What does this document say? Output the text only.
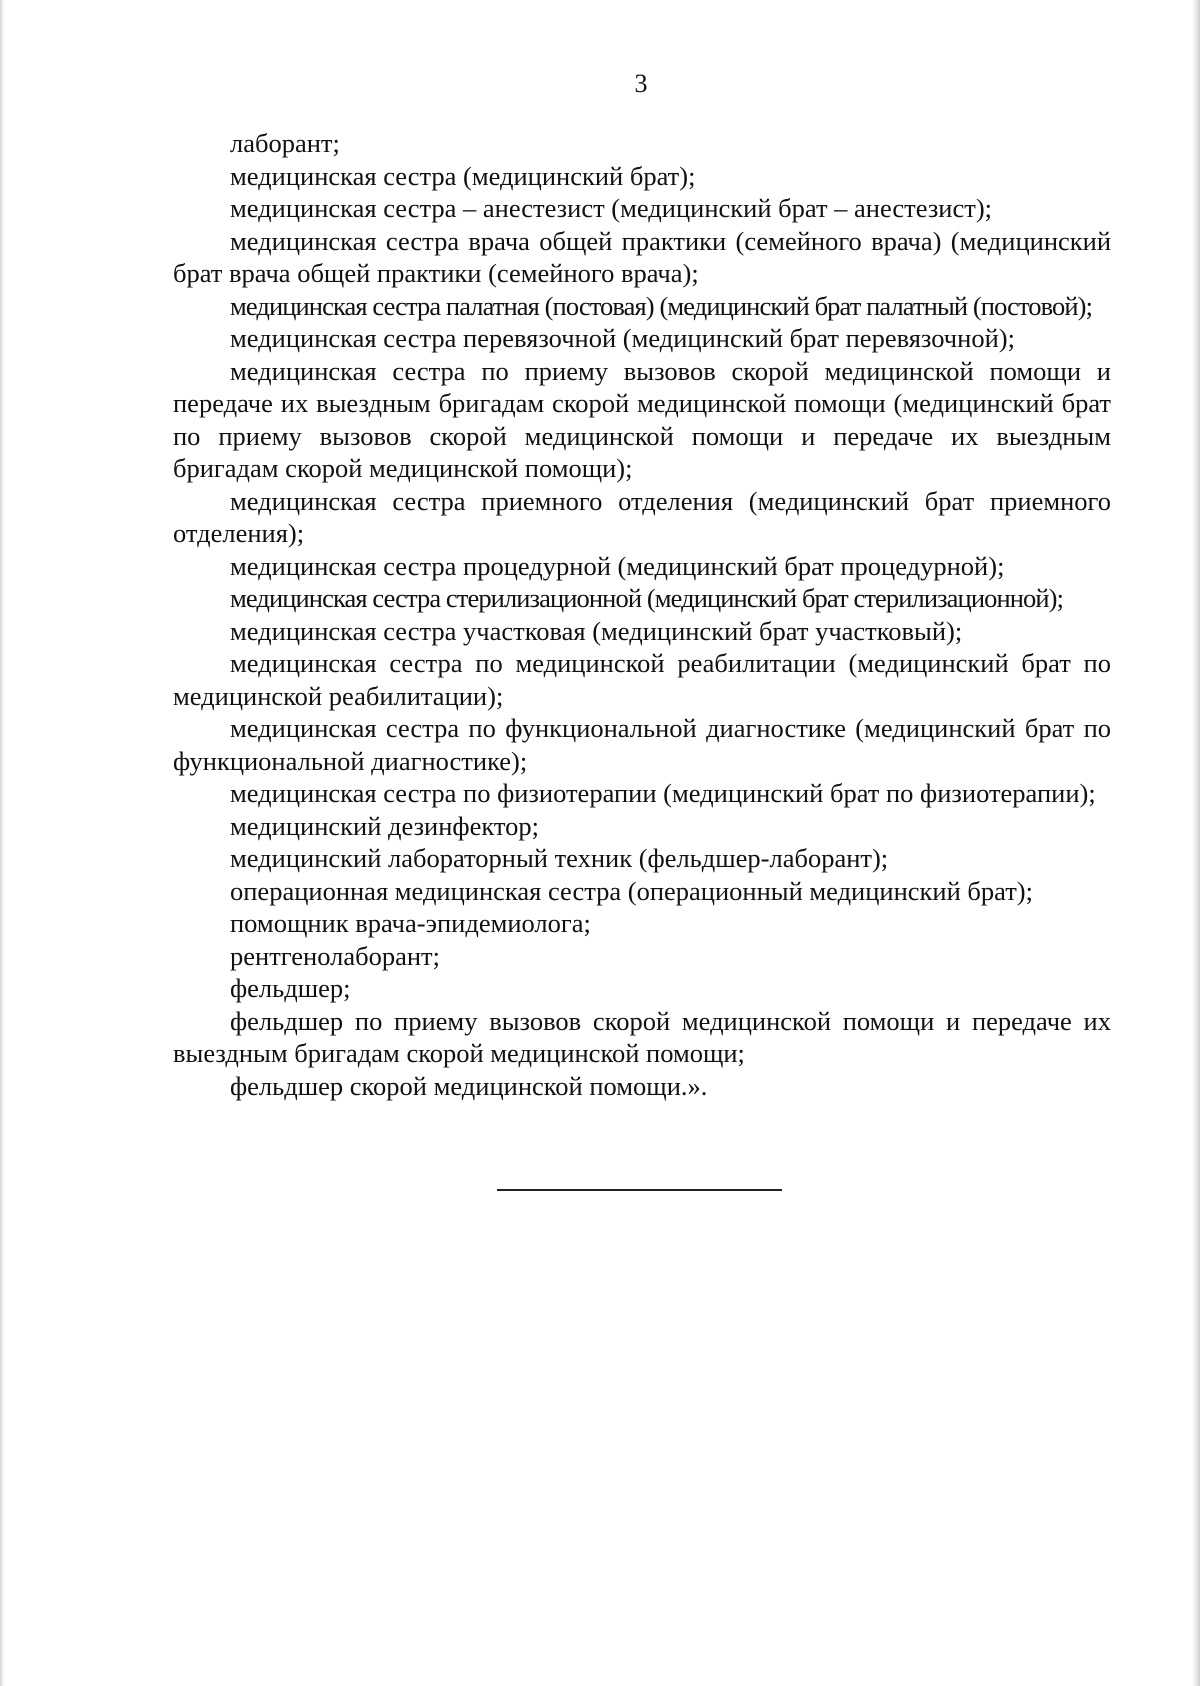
3

лаборант;

медицинская сестра (медицинский брат);

медицинская сестра – анестезист (медицинский брат – анестезист);

медицинская сестра врача общей практики (семейного врача) (медицинский брат врача общей практики (семейного врача);

медицинская сестра палатная (постовая) (медицинский брат палатный (постовой);

медицинская сестра перевязочной (медицинский брат перевязочной);

медицинская сестра по приему вызовов скорой медицинской помощи и передаче их выездным бригадам скорой медицинской помощи (медицинский брат по приему вызовов скорой медицинской помощи и передаче их выездным бригадам скорой медицинской помощи);

медицинская сестра приемного отделения (медицинский брат приемного отделения);

медицинская сестра процедурной (медицинский брат процедурной);

медицинская сестра стерилизационной (медицинский брат стерилизационной);

медицинская сестра участковая (медицинский брат участковый);

медицинская сестра по медицинской реабилитации (медицинский брат по медицинской реабилитации);

медицинская сестра по функциональной диагностике (медицинский брат по функциональной диагностике);

медицинская сестра по физиотерапии (медицинский брат по физиотерапии);

медицинский дезинфектор;

медицинский лабораторный техник (фельдшер-лаборант);

операционная медицинская сестра (операционный медицинский брат);

помощник врача-эпидемиолога;

рентгенолаборант;

фельдшер;

фельдшер по приему вызовов скорой медицинской помощи и передаче их выездным бригадам скорой медицинской помощи;

фельдшер скорой медицинской помощи.».
